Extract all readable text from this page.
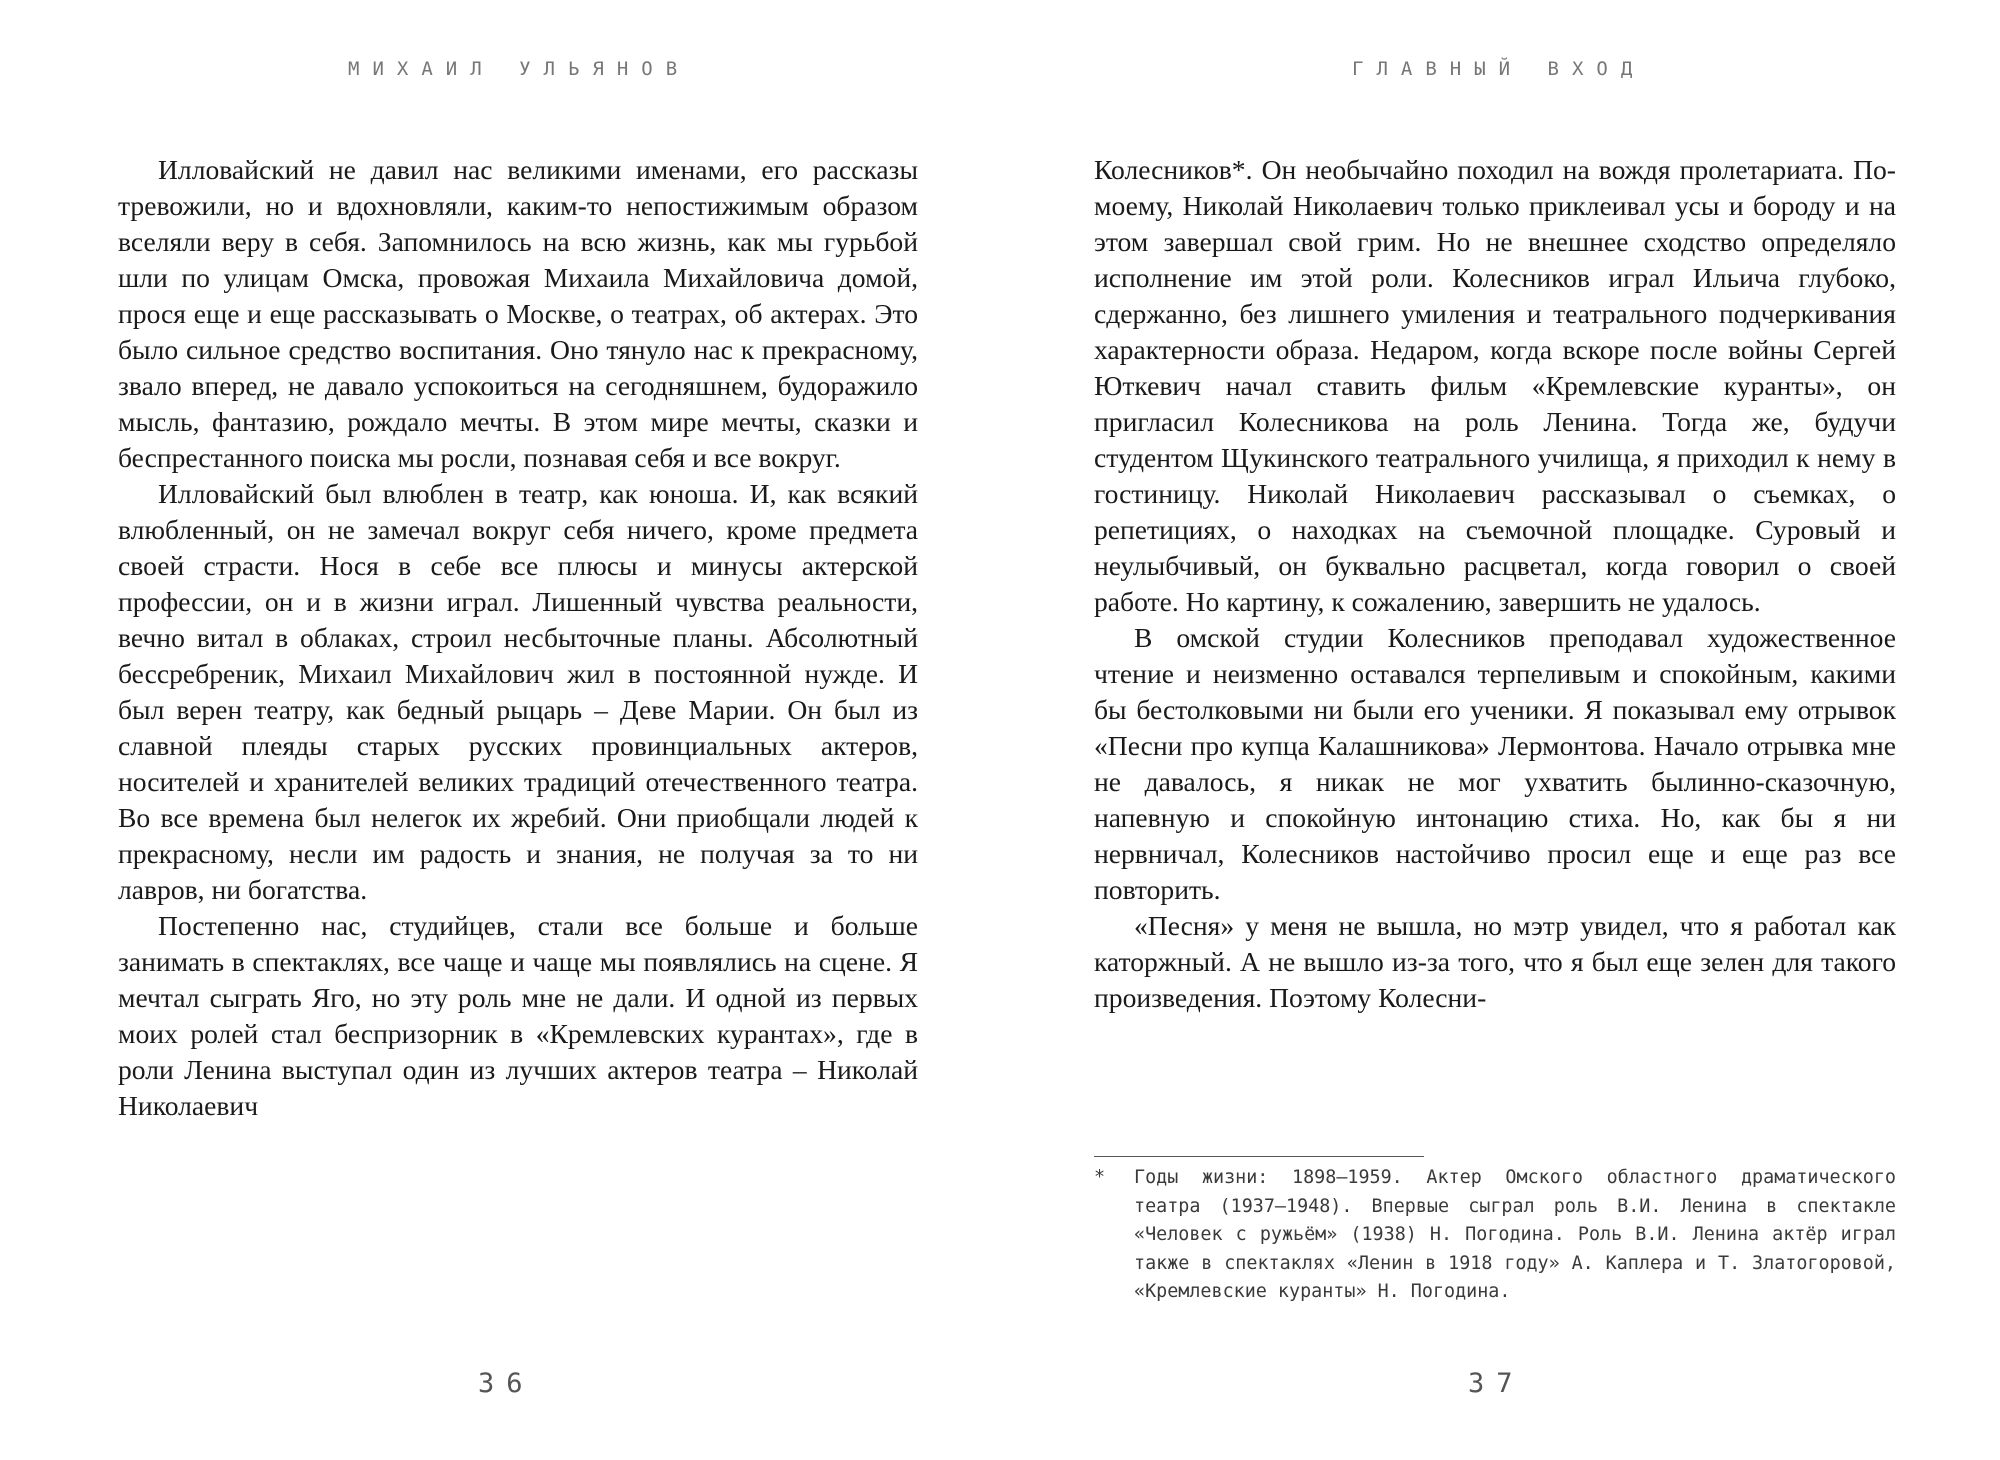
МИХАИЛ УЛЬЯНОВ

Илловайский не давил нас великими именами, его рассказы тревожили, но и вдохновляли, каким-то непостижимым образом вселяли веру в себя. Запомнилось на всю жизнь, как мы гурьбой шли по улицам Омска, провожая Михаила Михайловича домой, прося еще и еще рассказывать о Москве, о театрах, об актерах. Это было сильное средство воспитания. Оно тянуло нас к прекрасному, звало вперед, не давало успокоиться на сегодняшнем, будоражило мысль, фантазию, рождало мечты. В этом мире мечты, сказки и беспрестанного поиска мы росли, познавая себя и все вокруг.

Илловайский был влюблен в театр, как юноша. И, как всякий влюбленный, он не замечал вокруг себя ничего, кроме предмета своей страсти. Нося в себе все плюсы и минусы актерской профессии, он и в жизни играл. Лишенный чувства реальности, вечно витал в облаках, строил несбыточные планы. Абсолютный бессребреник, Михаил Михайлович жил в постоянной нужде. И был верен театру, как бедный рыцарь – Деве Марии. Он был из славной плеяды старых русских провинциальных актеров, носителей и хранителей великих традиций отечественного театра. Во все времена был нелегок их жребий. Они приобщали людей к прекрасному, несли им радость и знания, не получая за то ни лавров, ни богатства.

Постепенно нас, студийцев, стали все больше и больше занимать в спектаклях, все чаще и чаще мы появлялись на сцене. Я мечтал сыграть Яго, но эту роль мне не дали. И одной из первых моих ролей стал беспризорник в «Кремлевских курантах», где в роли Ленина выступал один из лучших актеров театра – Николай Николаевич

36
ГЛАВНЫЙ ВХОД

Колесников*. Он необычайно походил на вождя пролетариата. По-моему, Николай Николаевич только приклеивал усы и бороду и на этом завершал свой грим. Но не внешнее сходство определяло исполнение им этой роли. Колесников играл Ильича глубоко, сдержанно, без лишнего умиления и театрального подчеркивания характерности образа. Недаром, когда вскоре после войны Сергей Юткевич начал ставить фильм «Кремлевские куранты», он пригласил Колесникова на роль Ленина. Тогда же, будучи студентом Щукинского театрального училища, я приходил к нему в гостиницу. Николай Николаевич рассказывал о съемках, о репетициях, о находках на съемочной площадке. Суровый и неулыбчивый, он буквально расцветал, когда говорил о своей работе. Но картину, к сожалению, завершить не удалось.

В омской студии Колесников преподавал художественное чтение и неизменно оставался терпеливым и спокойным, какими бы бестолковыми ни были его ученики. Я показывал ему отрывок «Песни про купца Калашникова» Лермонтова. Начало отрывка мне не давалось, я никак не мог ухватить былинно-сказочную, напевную и спокойную интонацию стиха. Но, как бы я ни нервничал, Колесников настойчиво просил еще и еще раз все повторить.

«Песня» у меня не вышла, но мэтр увидел, что я работал как каторжный. А не вышло из-за того, что я был еще зелен для такого произведения. Поэтому Колесни-

*	Годы жизни: 1898–1959. Актер Омского областного драматического театра (1937–1948). Впервые сыграл роль В.И. Ленина в спектакле «Человек с ружьём» (1938) Н. Погодина. Роль В.И. Ленина актёр играл также в спектаклях «Ленин в 1918 году» А. Каплера и Т. Златогоровой, «Кремлевские куранты» Н. Погодина.
37
